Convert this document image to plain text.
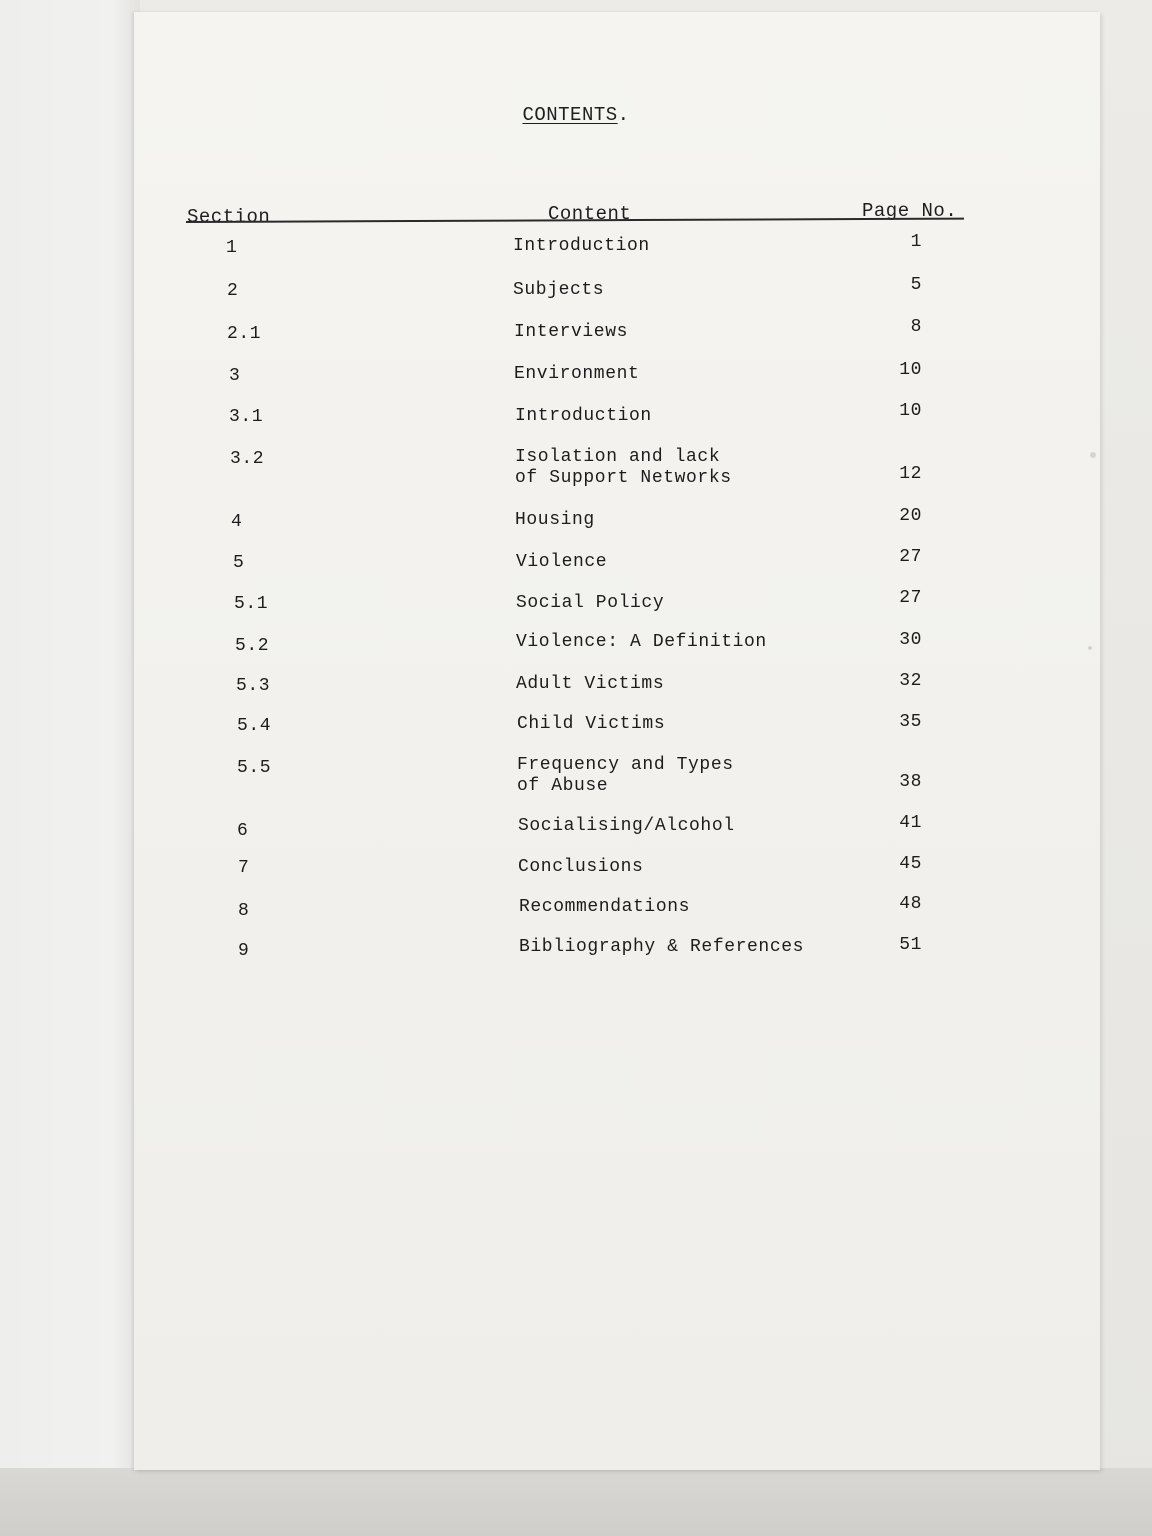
CONTENTS.
Section	Content	Page No.
1	Introduction	1
2	Subjects	5
2.1	Interviews	8
3	Environment	10
3.1	Introduction	10
3.2	Isolation and lack
of Support Networks	12
4	Housing	20
5	Violence	27
5.1	Social Policy	27
5.2	Violence: A Definition	30
5.3	Adult Victims	32
5.4	Child Victims	35
5.5	Frequency and Types
of Abuse	38
6	Socialising/Alcohol	41
7	Conclusions	45
8	Recommendations	48
9	Bibliography & References	51
